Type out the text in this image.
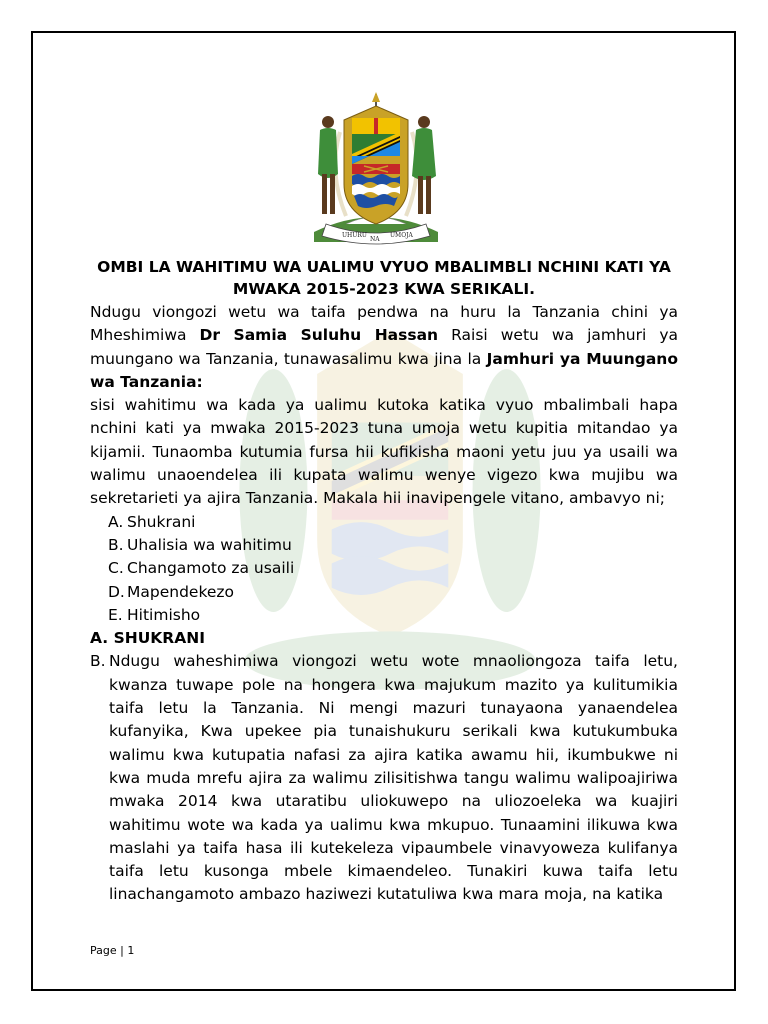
UHURU
NA
UMOJA
OMBI LA WAHITIMU WA UALIMU VYUO MBALIMBLI NCHINI KATI YA MWAKA 2015-2023 KWA SERIKALI.
Ndugu viongozi wetu wa taifa pendwa na huru la Tanzania chini ya Mheshimiwa Dr Samia Suluhu Hassan Raisi wetu wa jamhuri ya muungano wa Tanzania, tunawasalimu kwa jina la Jamhuri ya Muungano wa Tanzania:

sisi wahitimu wa kada ya ualimu kutoka katika vyuo mbalimbali hapa nchini kati ya mwaka 2015-2023 tuna umoja wetu kupitia mitandao ya kijamii. Tunaomba kutumia fursa hii kufikisha maoni yetu juu ya usaili wa walimu unaoendelea ili kupata walimu wenye vigezo kwa mujibu wa sekretarieti ya ajira Tanzania. Makala hii inavipengele vitano, ambavyo ni;

A. Shukrani
B. Uhalisia wa wahitimu
C. Changamoto za usaili
D. Mapendekezo
E. Hitimisho
A. SHUKRANI
B. Ndugu waheshimiwa viongozi wetu wote mnaoliongoza taifa letu, kwanza tuwape pole na hongera kwa majukum mazito ya kulitumikia taifa letu la Tanzania. Ni mengi mazuri tunayaona yanaendelea kufanyika, Kwa upekee pia tunaishukuru serikali kwa kutukumbuka walimu kwa kutupatia nafasi za ajira katika awamu hii, ikumbukwe ni kwa muda mrefu ajira za walimu zilisitishwa tangu walimu walipoajiriwa mwaka 2014 kwa utaratibu uliokuwepo na uliozoeleka wa kuajiri wahitimu wote wa kada ya ualimu kwa mkupuo. Tunaamini ilikuwa kwa maslahi ya taifa hasa ili kutekeleza vipaumbele vinavyoweza kulifanya taifa letu kusonga mbele kimaendeleo. Tunakiri kuwa taifa letu linachangamoto ambazo haziwezi kutatuliwa kwa mara moja, na katika
Page | 1
